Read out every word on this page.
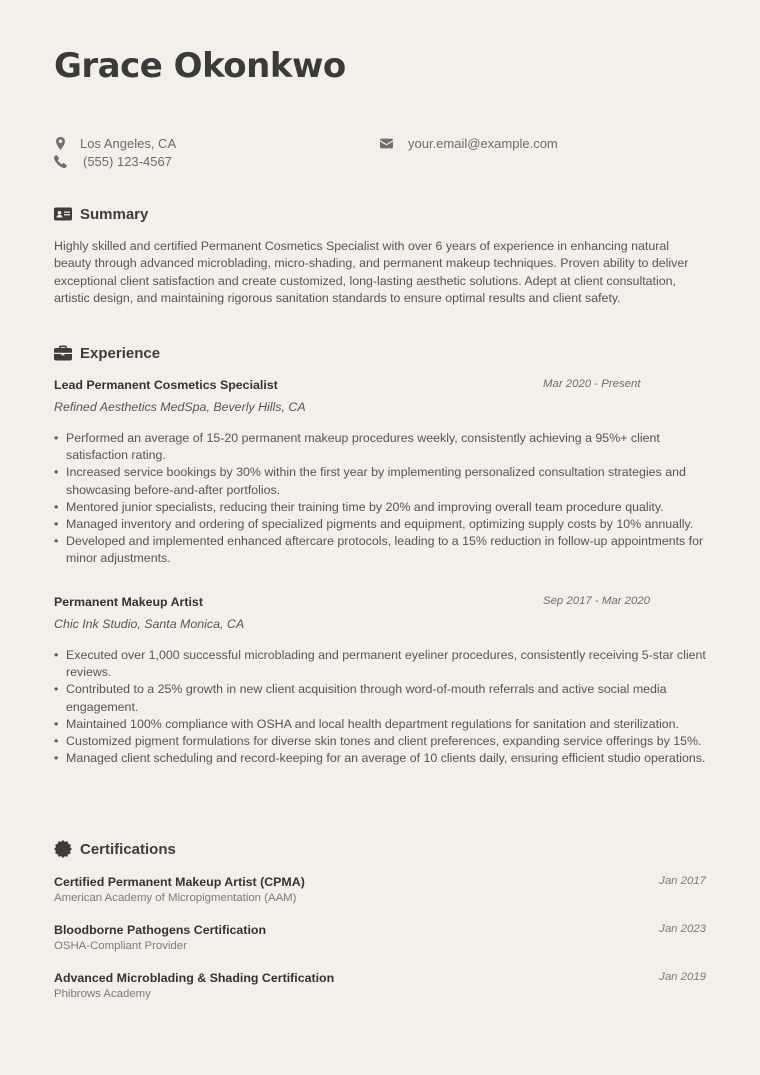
Grace Okonkwo
Los Angeles, CA
(555) 123-4567
your.email@example.com
Summary

Highly skilled and certified Permanent Cosmetics Specialist with over 6 years of experience in enhancing natural beauty through advanced microblading, micro-shading, and permanent makeup techniques. Proven ability to deliver exceptional client satisfaction and create customized, long-lasting aesthetic solutions. Adept at client consultation, artistic design, and maintaining rigorous sanitation standards to ensure optimal results and client safety.

Experience
Lead Permanent Cosmetics Specialist	Mar 2020 - Present
Refined Aesthetics MedSpa, Beverly Hills, CA
• Performed an average of 15-20 permanent makeup procedures weekly, consistently achieving a 95%+ client satisfaction rating.
• Increased service bookings by 30% within the first year by implementing personalized consultation strategies and showcasing before-and-after portfolios.
• Mentored junior specialists, reducing their training time by 20% and improving overall team procedure quality.
• Managed inventory and ordering of specialized pigments and equipment, optimizing supply costs by 10% annually.
• Developed and implemented enhanced aftercare protocols, leading to a 15% reduction in follow-up appointments for minor adjustments.
Permanent Makeup Artist	Sep 2017 - Mar 2020
Chic Ink Studio, Santa Monica, CA
• Executed over 1,000 successful microblading and permanent eyeliner procedures, consistently receiving 5-star client reviews.
• Contributed to a 25% growth in new client acquisition through word-of-mouth referrals and active social media engagement.
• Maintained 100% compliance with OSHA and local health department regulations for sanitation and sterilization.
• Customized pigment formulations for diverse skin tones and client preferences, expanding service offerings by 15%.
• Managed client scheduling and record-keeping for an average of 10 clients daily, ensuring efficient studio operations.
Certifications
Certified Permanent Makeup Artist (CPMA)	Jan 2017
American Academy of Micropigmentation (AAM)
Bloodborne Pathogens Certification	Jan 2023
OSHA-Compliant Provider
Advanced Microblading & Shading Certification	Jan 2019
Phibrows Academy
